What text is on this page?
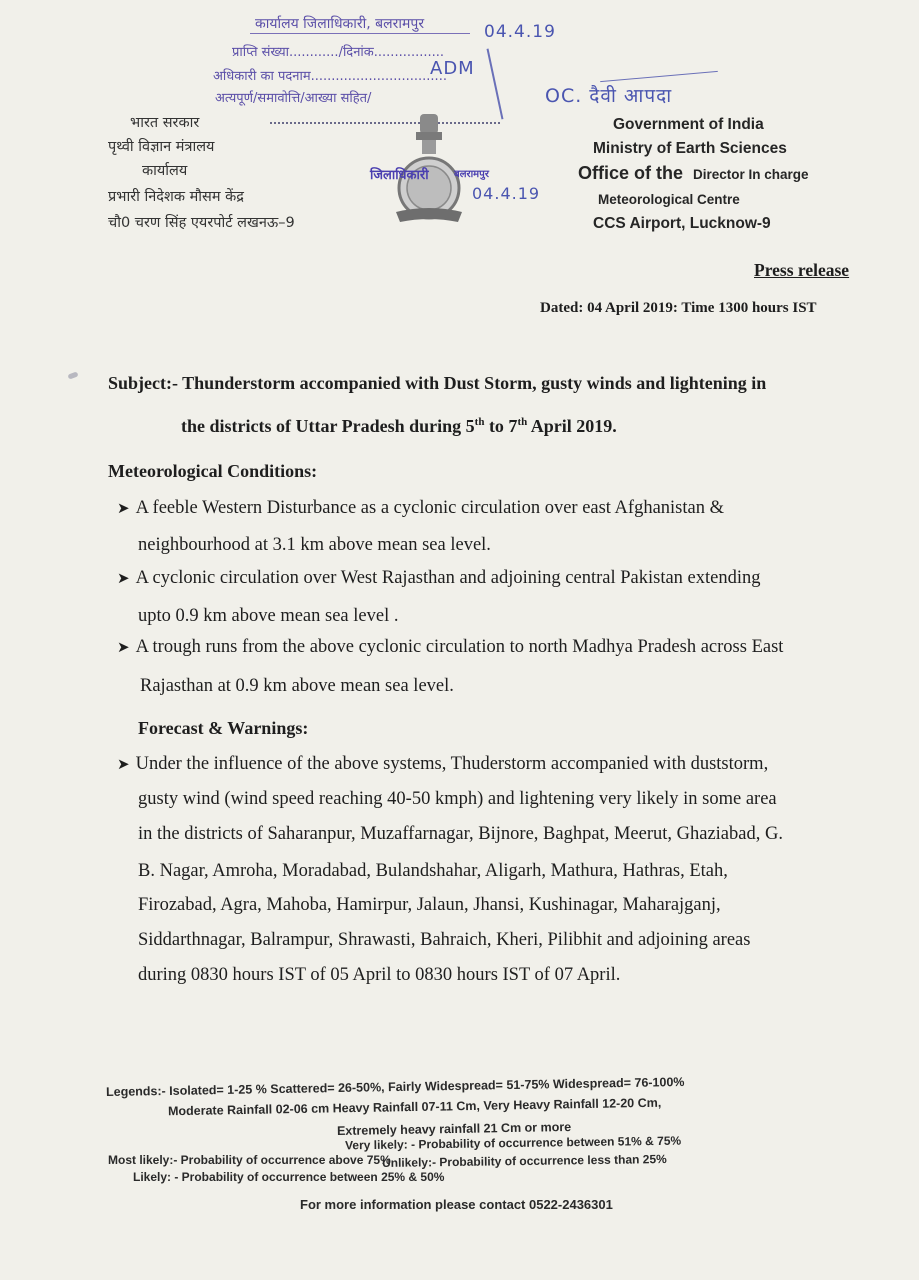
कार्यालय जिलाधिकारी, बलरामपुर
प्राप्ति संख्या............/दिनांक.................
अधिकारी का पदनाम.................................
अत्यपूर्ण/समावोत्ति/आख्या सहित/
04.4.19
ADM
OC. दैवी आपदा
भारत सरकार
पृथ्वी विज्ञान मंत्रालय
कार्यालय
प्रभारी निदेशक मौसम केंद्र
चौ0 चरण सिंह एयरपोर्ट लखनऊ–9
जिलाधिकारी	बलरामपुर
04.4.19
Government of India
Ministry of Earth Sciences
Office of the Director In charge
Meteorological Centre
CCS Airport, Lucknow-9
Press release
Dated: 04 April 2019: Time 1300 hours IST
Subject:- Thunderstorm accompanied with Dust Storm, gusty winds and lightening in
the districts of Uttar Pradesh during 5th to 7th April 2019.
Meteorological Conditions:
➤ A feeble Western Disturbance as a cyclonic circulation over east Afghanistan &
neighbourhood at 3.1 km above mean sea level.
➤ A cyclonic circulation over West Rajasthan and adjoining central Pakistan extending
upto 0.9 km above mean sea level .
➤ A trough runs from the above cyclonic circulation to north Madhya Pradesh across East
Rajasthan at 0.9 km above mean sea level.
Forecast & Warnings:
➤ Under the influence of the above systems, Thuderstorm accompanied with duststorm,
gusty wind (wind speed reaching 40-50 kmph) and lightening very likely in some area
in the districts of Saharanpur, Muzaffarnagar, Bijnore, Baghpat, Meerut, Ghaziabad, G.
B. Nagar, Amroha, Moradabad, Bulandshahar, Aligarh, Mathura, Hathras, Etah,
Firozabad, Agra, Mahoba, Hamirpur, Jalaun, Jhansi, Kushinagar, Maharajganj,
Siddarthnagar, Balrampur, Shrawasti, Bahraich, Kheri, Pilibhit and adjoining areas
during 0830 hours IST of 05 April to 0830 hours IST of 07 April.
Legends:- Isolated= 1-25 % Scattered= 26-50%, Fairly Widespread= 51-75% Widespread= 76-100%
Moderate Rainfall 02-06 cm Heavy Rainfall 07-11 Cm, Very Heavy Rainfall 12-20 Cm,
Extremely heavy rainfall 21 Cm or more
Most likely:- Probability of occurrence above 75%
Very likely: - Probability of occurrence between 51% & 75%
Likely: - Probability of occurrence between 25% & 50%
Unlikely:- Probability of occurrence less than 25%
For more information please contact 0522-2436301
